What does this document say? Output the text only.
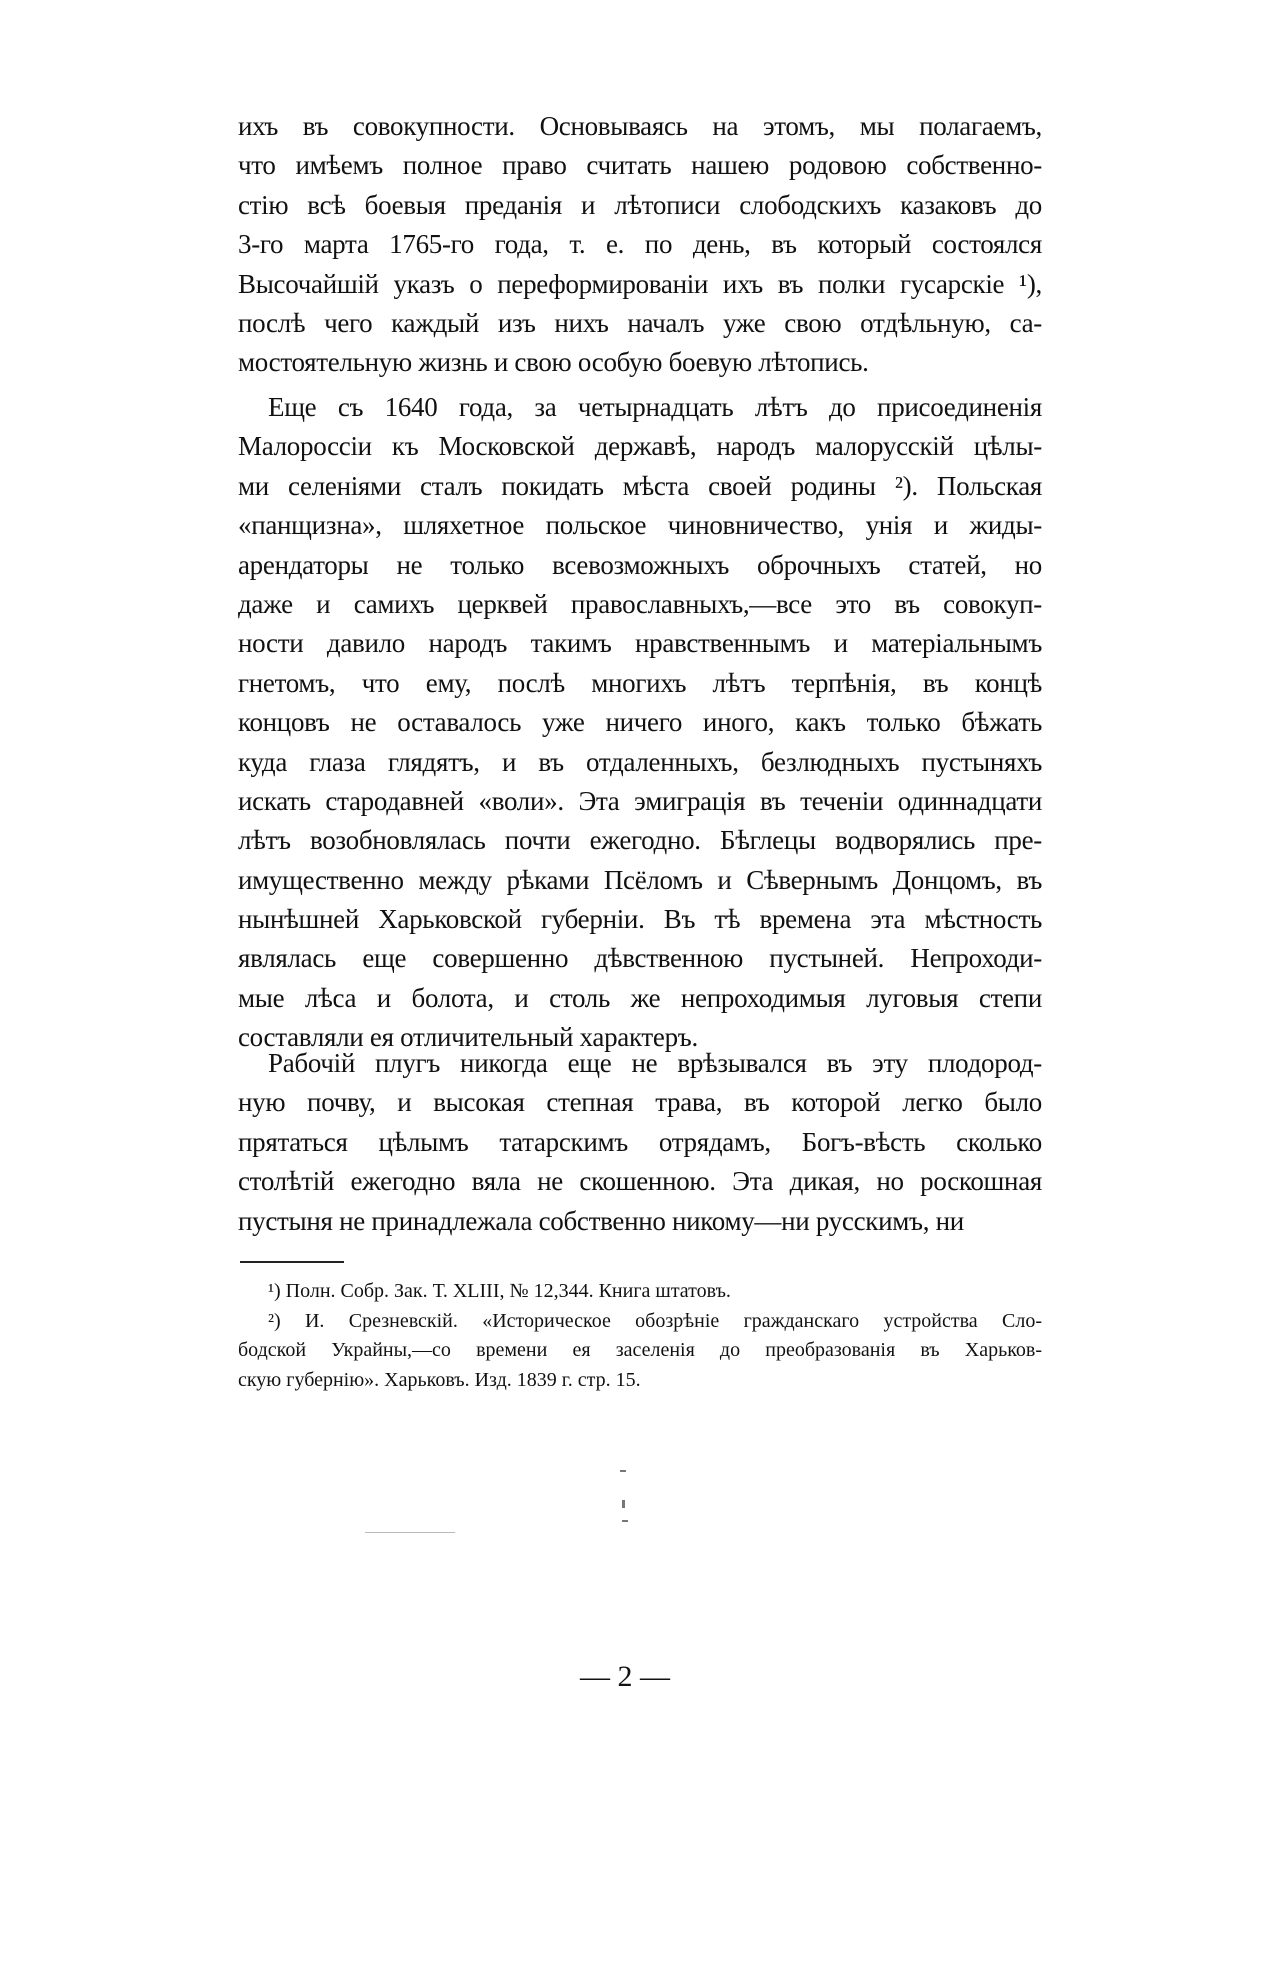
ихъ въ совокупности. Основываясь на этомъ, мы полагаемъ,
что имѣемъ полное право считать нашею родовою собственно-
стію всѣ боевыя преданія и лѣтописи слободскихъ казаковъ до
3-го марта 1765-го года, т. е. по день, въ который состоялся
Высочайшій указъ о переформированіи ихъ въ полки гусарскіе ¹),
послѣ чего каждый изъ нихъ началъ уже свою отдѣльную, са-
мостоятельную жизнь и свою особую боевую лѣтопись.
Еще съ 1640 года, за четырнадцать лѣтъ до присоединенія
Малороссіи къ Московской державѣ, народъ малорусскій цѣлы-
ми селеніями сталъ покидать мѣста своей родины ²). Польская
«панщизна», шляхетное польское чиновничество, унія и жиды-
арендаторы не только всевозможныхъ оброчныхъ статей, но
даже и самихъ церквей православныхъ,—все это въ совокуп-
ности давило народъ такимъ нравственнымъ и матеріальнымъ
гнетомъ, что ему, послѣ многихъ лѣтъ терпѣнія, въ концѣ
концовъ не оставалось уже ничего иного, какъ только бѣжать
куда глаза глядятъ, и въ отдаленныхъ, безлюдныхъ пустыняхъ
искать стародавней «воли». Эта эмиграція въ теченіи одиннадцати
лѣтъ возобновлялась почти ежегодно. Бѣглецы водворялись пре-
имущественно между рѣками Псёломъ и Сѣвернымъ Донцомъ, въ
нынѣшней Харьковской губерніи. Въ тѣ времена эта мѣстность
являлась еще совершенно дѣвственною пустыней. Непроходи-
мые лѣса и болота, и столь же непроходимыя луговыя степи
составляли ея отличительный характеръ.
Рабочій плугъ никогда еще не врѣзывался въ эту плодород-
ную почву, и высокая степная трава, въ которой легко было
прятаться цѣлымъ татарскимъ отрядамъ, Богъ-вѣсть сколько
столѣтій ежегодно вяла не скошенною. Эта дикая, но роскошная
пустыня не принадлежала собственно никому—ни русскимъ, ни
¹) Полн. Собр. Зак. Т. XLIII, № 12,344. Книга штатовъ.
²) И. Срезневскій. «Историческое обозрѣніе гражданскаго устройства Сло-
бодской Украйны,—со времени ея заселенія до преобразованія въ Харьков-
скую губернію». Харьковъ. Изд. 1839 г. стр. 15.
— 2 —
